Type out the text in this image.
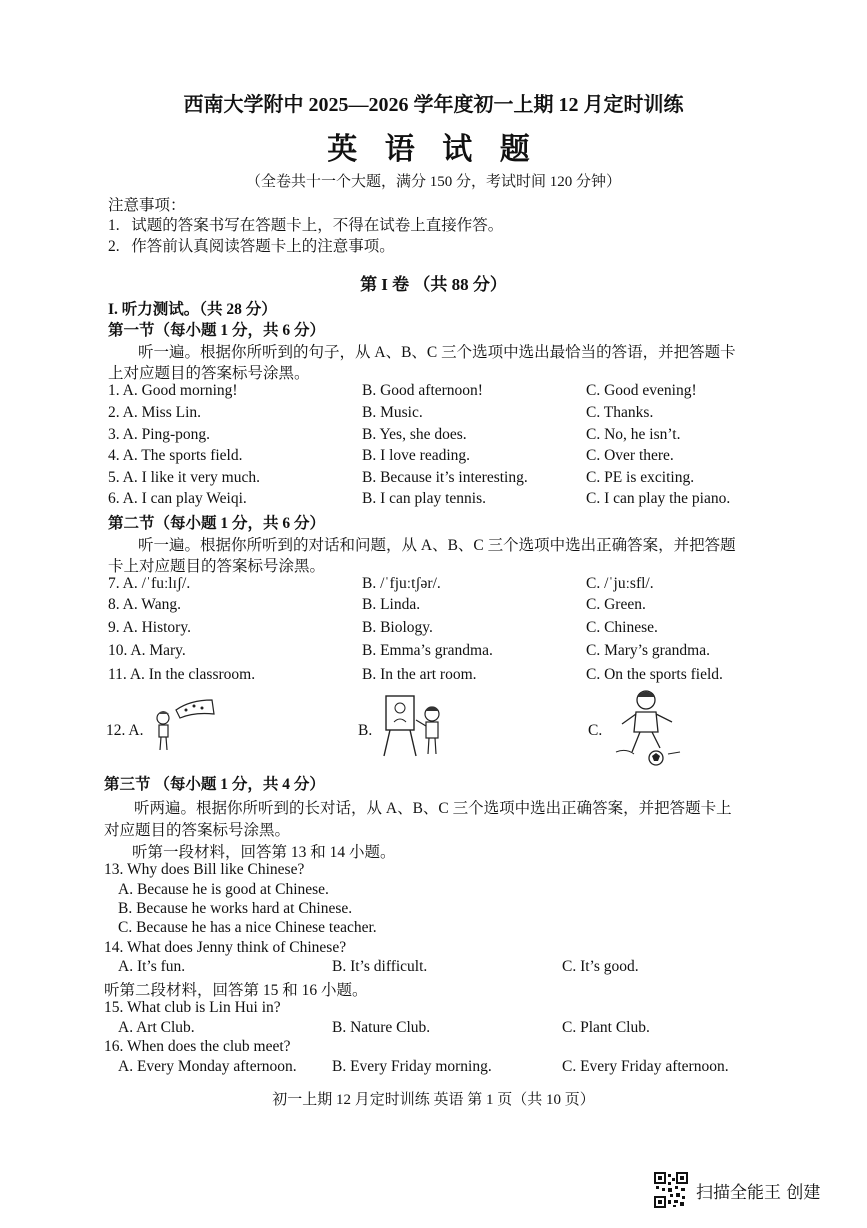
西南大学附中 2025—2026 学年度初一上期 12 月定时训练
英 语 试 题
（全卷共十一个大题，满分 150 分，考试时间 120 分钟）
注意事项：
1.   试题的答案书写在答题卡上，不得在试卷上直接作答。
2.   作答前认真阅读答题卡上的注意事项。
第 I 卷 （共 88 分）
I. 听力测试。（共 28 分）
第一节（每小题 1 分，共 6 分）
听一遍。根据你所听到的句子，从 A、B、C 三个选项中选出最恰当的答语，并把答题卡
上对应题目的答案标号涂黑。
1. A. Good morning!	B. Good afternoon!	C. Good evening!
2. A. Miss Lin.	B. Music.	C. Thanks.
3. A. Ping-pong.	B. Yes, she does.	C. No, he isn’t.
4. A. The sports field.	B. I love reading.	C. Over there.
5. A. I like it very much.	B. Because it’s interesting.	C. PE is exciting.
6. A. I can play Weiqi.	B. I can play tennis.	C. I can play the piano.
第二节（每小题 1 分，共 6 分）
听一遍。根据你所听到的对话和问题，从 A、B、C 三个选项中选出正确答案，并把答题
卡上对应题目的答案标号涂黑。
7. A. /ˈfuːlɪʃ/.	B. /ˈfjuːtʃər/.	C. /ˈjuːsfl/.
8. A. Wang.	B. Linda.	C. Green.
9. A. History.	B. Biology.	C. Chinese.
10. A. Mary.	B. Emma’s grandma.	C. Mary’s grandma.
11. A. In the classroom.	B. In the art room.	C. On the sports field.
12. A.	B.	C.
第三节 （每小题 1 分，共 4 分）
听两遍。根据你所听到的长对话，从 A、B、C 三个选项中选出正确答案，并把答题卡上
对应题目的答案标号涂黑。
听第一段材料，回答第 13 和 14 小题。
13. Why does Bill like Chinese?
A. Because he is good at Chinese.
B. Because he works hard at Chinese.
C. Because he has a nice Chinese teacher.
14. What does Jenny think of Chinese?
A. It’s fun.	B. It’s difficult.	C. It’s good.
听第二段材料，回答第 15 和 16 小题。
15. What club is Lin Hui in?
A. Art Club.	B. Nature Club.	C. Plant Club.
16. When does the club meet?
A. Every Monday afternoon. B. Every Friday morning.	C. Every Friday afternoon.
初一上期 12 月定时训练 英语 第 1 页（共 10 页）
扫描全能王 创建
